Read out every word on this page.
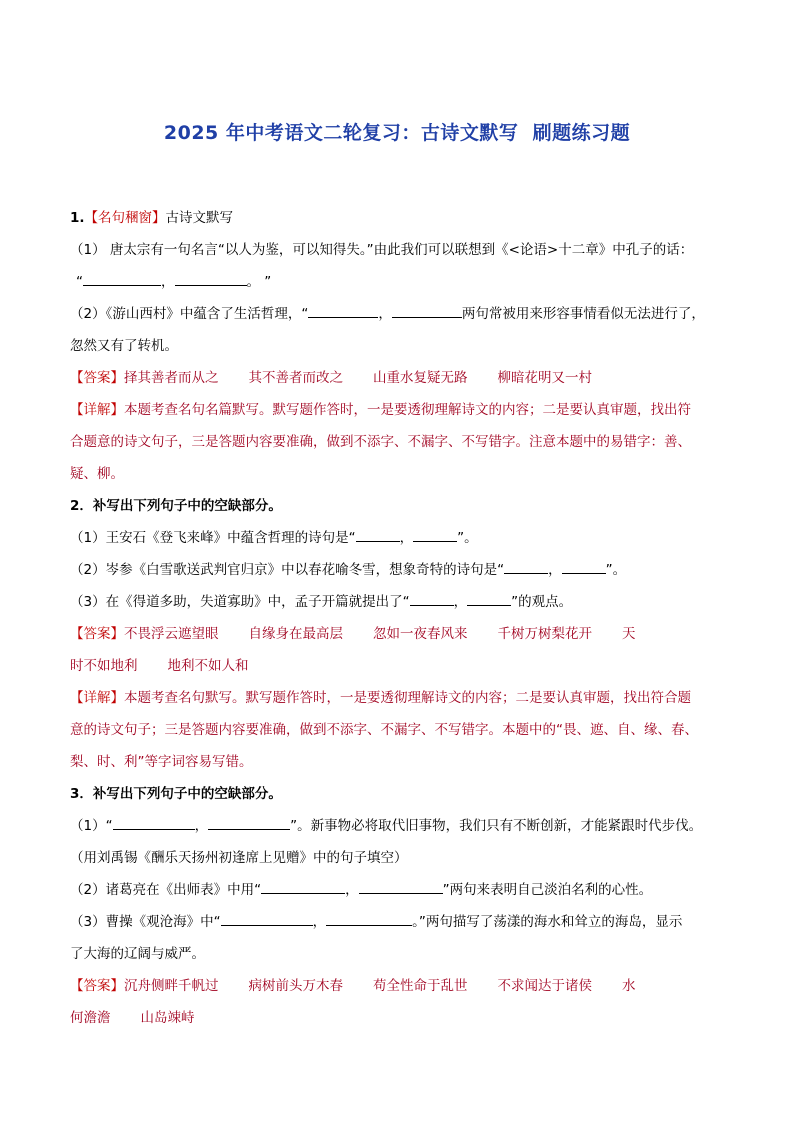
2025 年中考语文二轮复习：古诗文默写  刷题练习题
1.【名句稛窗】古诗文默写
（1） 唐太宗有一句名言“以人为鉴，可以知得失。”由此我们可以联想到《<论语>十二章》中孔子的话：
“	，	。 ”
（2）《游山西村》中蕴含了生活哲理，“	，	两句常被用来形容事情看似无法进行了，
忽然又有了转机。
【答案】择其善者而从之 其不善者而改之 山重水复疑无路 柳暗花明又一村
【详解】本题考查名句名篇默写。默写题作答时，一是要透彻理解诗文的内容；二是要认真审题，找出符
合题意的诗文句子，三是答题内容要准确，做到不添字、不漏字、不写错字。注意本题中的易错字：善、
疑、柳。
2．补写出下列句子中的空缺部分。
（1）王安石《登飞来峰》中蕴含哲理的诗句是“	，	”。
（2）岑参《白雪歌送武判官归京》中以春花喻冬雪，想象奇特的诗句是“	，	”。
（3）在《得道多助，失道寡助》中，孟子开篇就提出了“	，	”的观点。
【答案】不畏浮云遮望眼 自缘身在最高层 忽如一夜春风来 千树万树梨花开 天
时不如地利 地利不如人和
【详解】本题考查名句默写。默写题作答时，一是要透彻理解诗文的内容；二是要认真审题，找出符合题
意的诗文句子；三是答题内容要准确，做到不添字、不漏字、不写错字。本题中的“畏、遮、自、缘、春、
梨、时、利”等字词容易写错。
3．补写出下列句子中的空缺部分。
（1）“	，	”。新事物必将取代旧事物，我们只有不断创新，才能紧跟时代步伐。
（用刘禹锡《酬乐天扬州初逢席上见赠》中的句子填空）
（2）诸葛亮在《出师表》中用“	，	”两句来表明自己淡泊名利的心性。
（3）曹操《观沧海》中“	，	。”两句描写了荡漾的海水和耸立的海岛，显示
了大海的辽阔与威严。
【答案】沉舟侧畔千帆过 病树前头万木春 苟全性命于乱世 不求闻达于诸侯 水
何澹澹 山岛竦峙
